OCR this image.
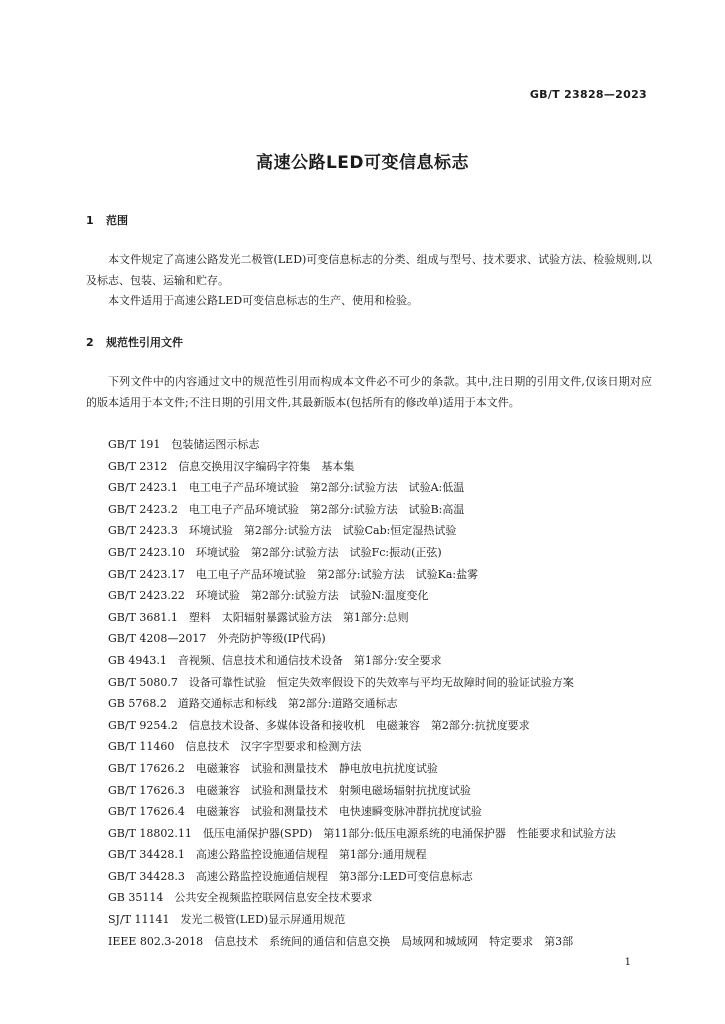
GB/T 23828—2023
高速公路LED可变信息标志
1 范围
本文件规定了高速公路发光二极管(LED)可变信息标志的分类、组成与型号、技术要求、试验方法、检验规则,以及标志、包装、运输和贮存。
本文件适用于高速公路LED可变信息标志的生产、使用和检验。
2 规范性引用文件
下列文件中的内容通过文中的规范性引用而构成本文件必不可少的条款。其中,注日期的引用文件,仅该日期对应的版本适用于本文件;不注日期的引用文件,其最新版本(包括所有的修改单)适用于本文件。
GB/T 191　包装储运图示标志
GB/T 2312　信息交换用汉字编码字符集　基本集
GB/T 2423.1　电工电子产品环境试验　第2部分:试验方法　试验A:低温
GB/T 2423.2　电工电子产品环境试验　第2部分:试验方法　试验B:高温
GB/T 2423.3　环境试验　第2部分:试验方法　试验Cab:恒定湿热试验
GB/T 2423.10　环境试验　第2部分:试验方法　试验Fc:振动(正弦)
GB/T 2423.17　电工电子产品环境试验　第2部分:试验方法　试验Ka:盐雾
GB/T 2423.22　环境试验　第2部分:试验方法　试验N:温度变化
GB/T 3681.1　塑料　太阳辐射暴露试验方法　第1部分:总则
GB/T 4208—2017　外壳防护等级(IP代码)
GB 4943.1　音视频、信息技术和通信技术设备　第1部分:安全要求
GB/T 5080.7　设备可靠性试验　恒定失效率假设下的失效率与平均无故障时间的验证试验方案
GB 5768.2　道路交通标志和标线　第2部分:道路交通标志
GB/T 9254.2　信息技术设备、多媒体设备和接收机　电磁兼容　第2部分:抗扰度要求
GB/T 11460　信息技术　汉字字型要求和检测方法
GB/T 17626.2　电磁兼容　试验和测量技术　静电放电抗扰度试验
GB/T 17626.3　电磁兼容　试验和测量技术　射频电磁场辐射抗扰度试验
GB/T 17626.4　电磁兼容　试验和测量技术　电快速瞬变脉冲群抗扰度试验
GB/T 18802.11　低压电涌保护器(SPD)　第11部分:低压电源系统的电涌保护器　性能要求和试验方法
GB/T 34428.1　高速公路监控设施通信规程　第1部分:通用规程
GB/T 34428.3　高速公路监控设施通信规程　第3部分:LED可变信息标志
GB 35114　公共安全视频监控联网信息安全技术要求
SJ/T 11141　发光二极管(LED)显示屏通用规范
IEEE 802.3-2018　信息技术　系统间的通信和信息交换　局域网和城域网　特定要求　第3部
1
